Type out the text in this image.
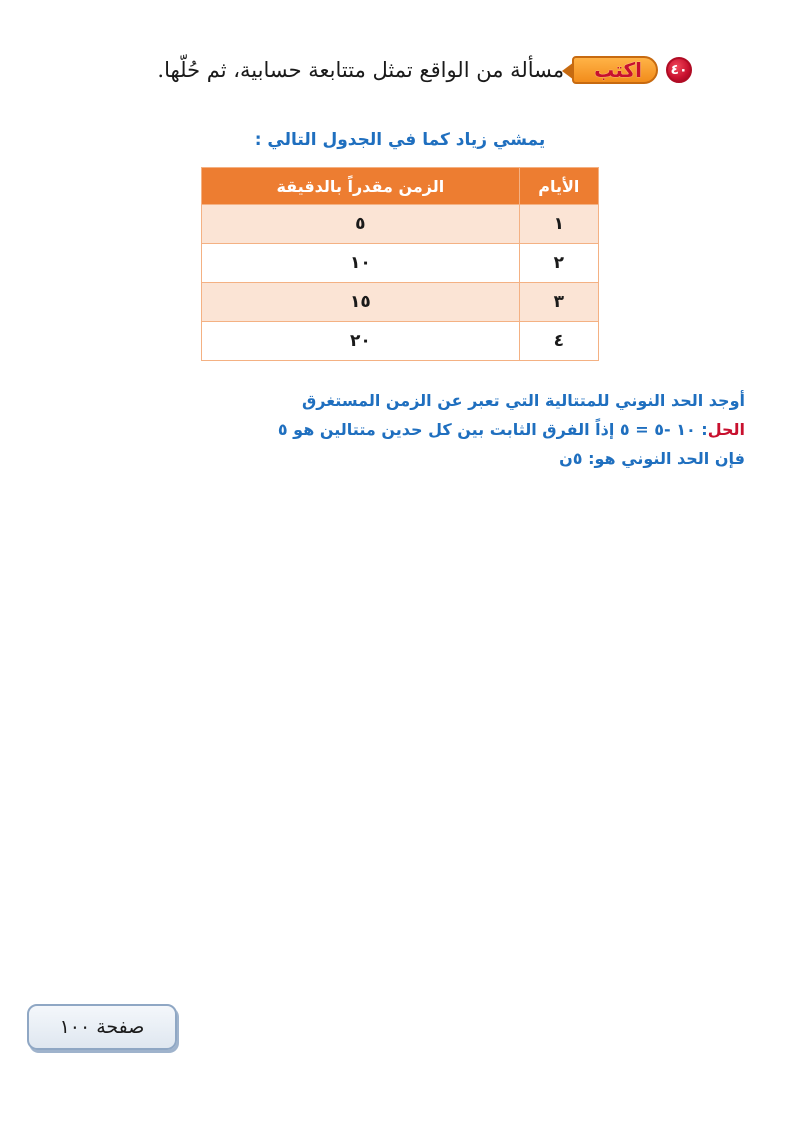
٤٠
اكتب
مسألة من الواقع تمثل متتابعة حسابية، ثم حُلّها.
يمشي زياد كما في الجدول التالي :
الأيام	الزمن مقدراً بالدقيقة
١	٥
٢	١٠
٣	١٥
٤	٢٠
أوجد الحد النوني للمتتالية التي تعبر عن الزمن المستغرق
الحل: ١٠ -٥ = ٥ إذاً الفرق الثابت بين كل حدين متتالين هو ٥
فإن الحد النوني هو: ٥ن
صفحة ١٠٠
